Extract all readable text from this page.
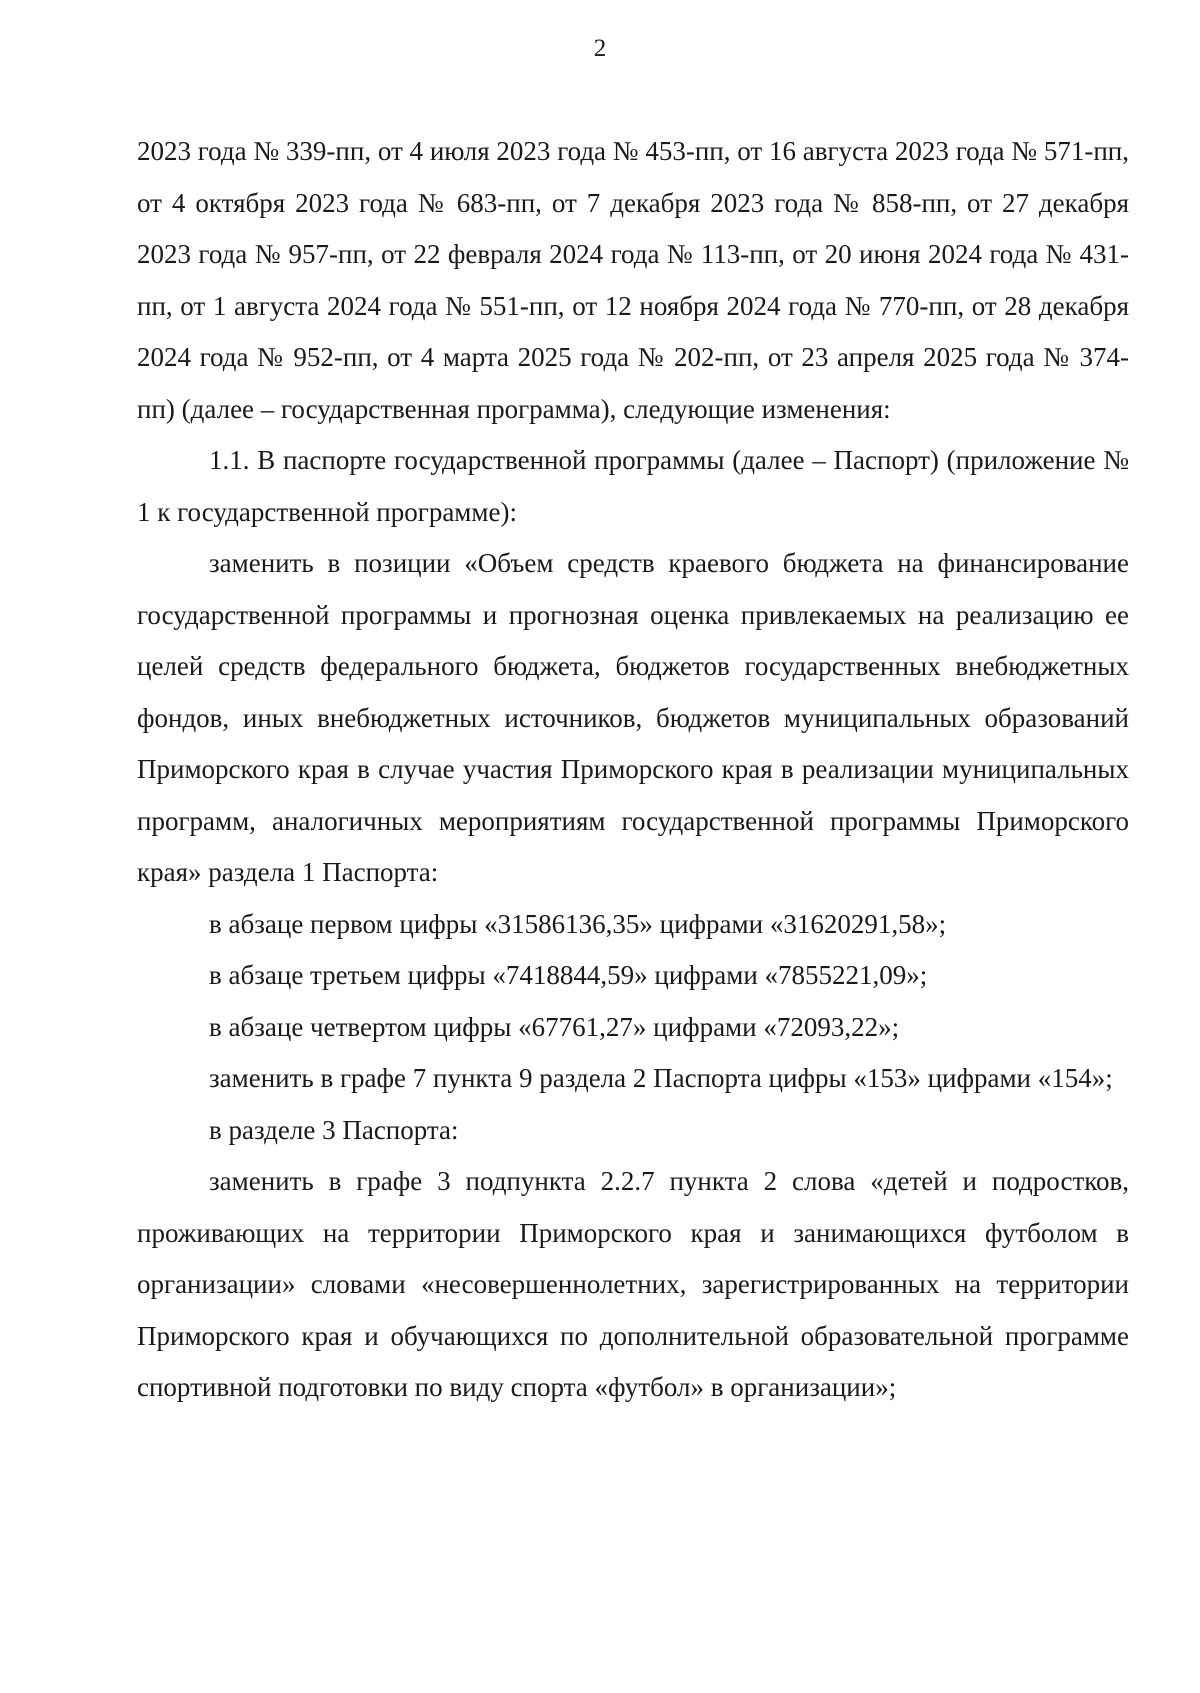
2

2023 года № 339-пп, от 4 июля 2023 года № 453-пп, от 16 августа 2023 года № 571-пп, от 4 октября 2023 года № 683-пп, от 7 декабря 2023 года № 858-пп, от 27 декабря 2023 года № 957-пп, от 22 февраля 2024 года № 113-пп, от 20 июня 2024 года № 431-пп, от 1 августа 2024 года № 551-пп, от 12 ноября 2024 года № 770-пп, от 28 декабря 2024 года № 952-пп, от 4 марта 2025 года № 202-пп, от 23 апреля 2025 года № 374-пп) (далее – государственная программа), следующие изменения:

1.1. В паспорте государственной программы (далее – Паспорт) (приложение № 1 к государственной программе):

заменить в позиции «Объем средств краевого бюджета на финансирование государственной программы и прогнозная оценка привлекаемых на реализацию ее целей средств федерального бюджета, бюджетов государственных внебюджетных фондов, иных внебюджетных источников, бюджетов муниципальных образований Приморского края в случае участия Приморского края в реализации муниципальных программ, аналогичных мероприятиям государственной программы Приморского края» раздела 1 Паспорта:

в абзаце первом цифры «31586136,35» цифрами «31620291,58»;

в абзаце третьем цифры «7418844,59» цифрами «7855221,09»;

в абзаце четвертом цифры «67761,27» цифрами «72093,22»;

заменить в графе 7 пункта 9 раздела 2 Паспорта цифры «153» цифрами «154»;

в разделе 3 Паспорта:

заменить в графе 3 подпункта 2.2.7 пункта 2 слова «детей и подростков, проживающих на территории Приморского края и занимающихся футболом в организации» словами «несовершеннолетних, зарегистрированных на территории Приморского края и обучающихся по дополнительной образовательной программе спортивной подготовки по виду спорта «футбол» в организации»;
